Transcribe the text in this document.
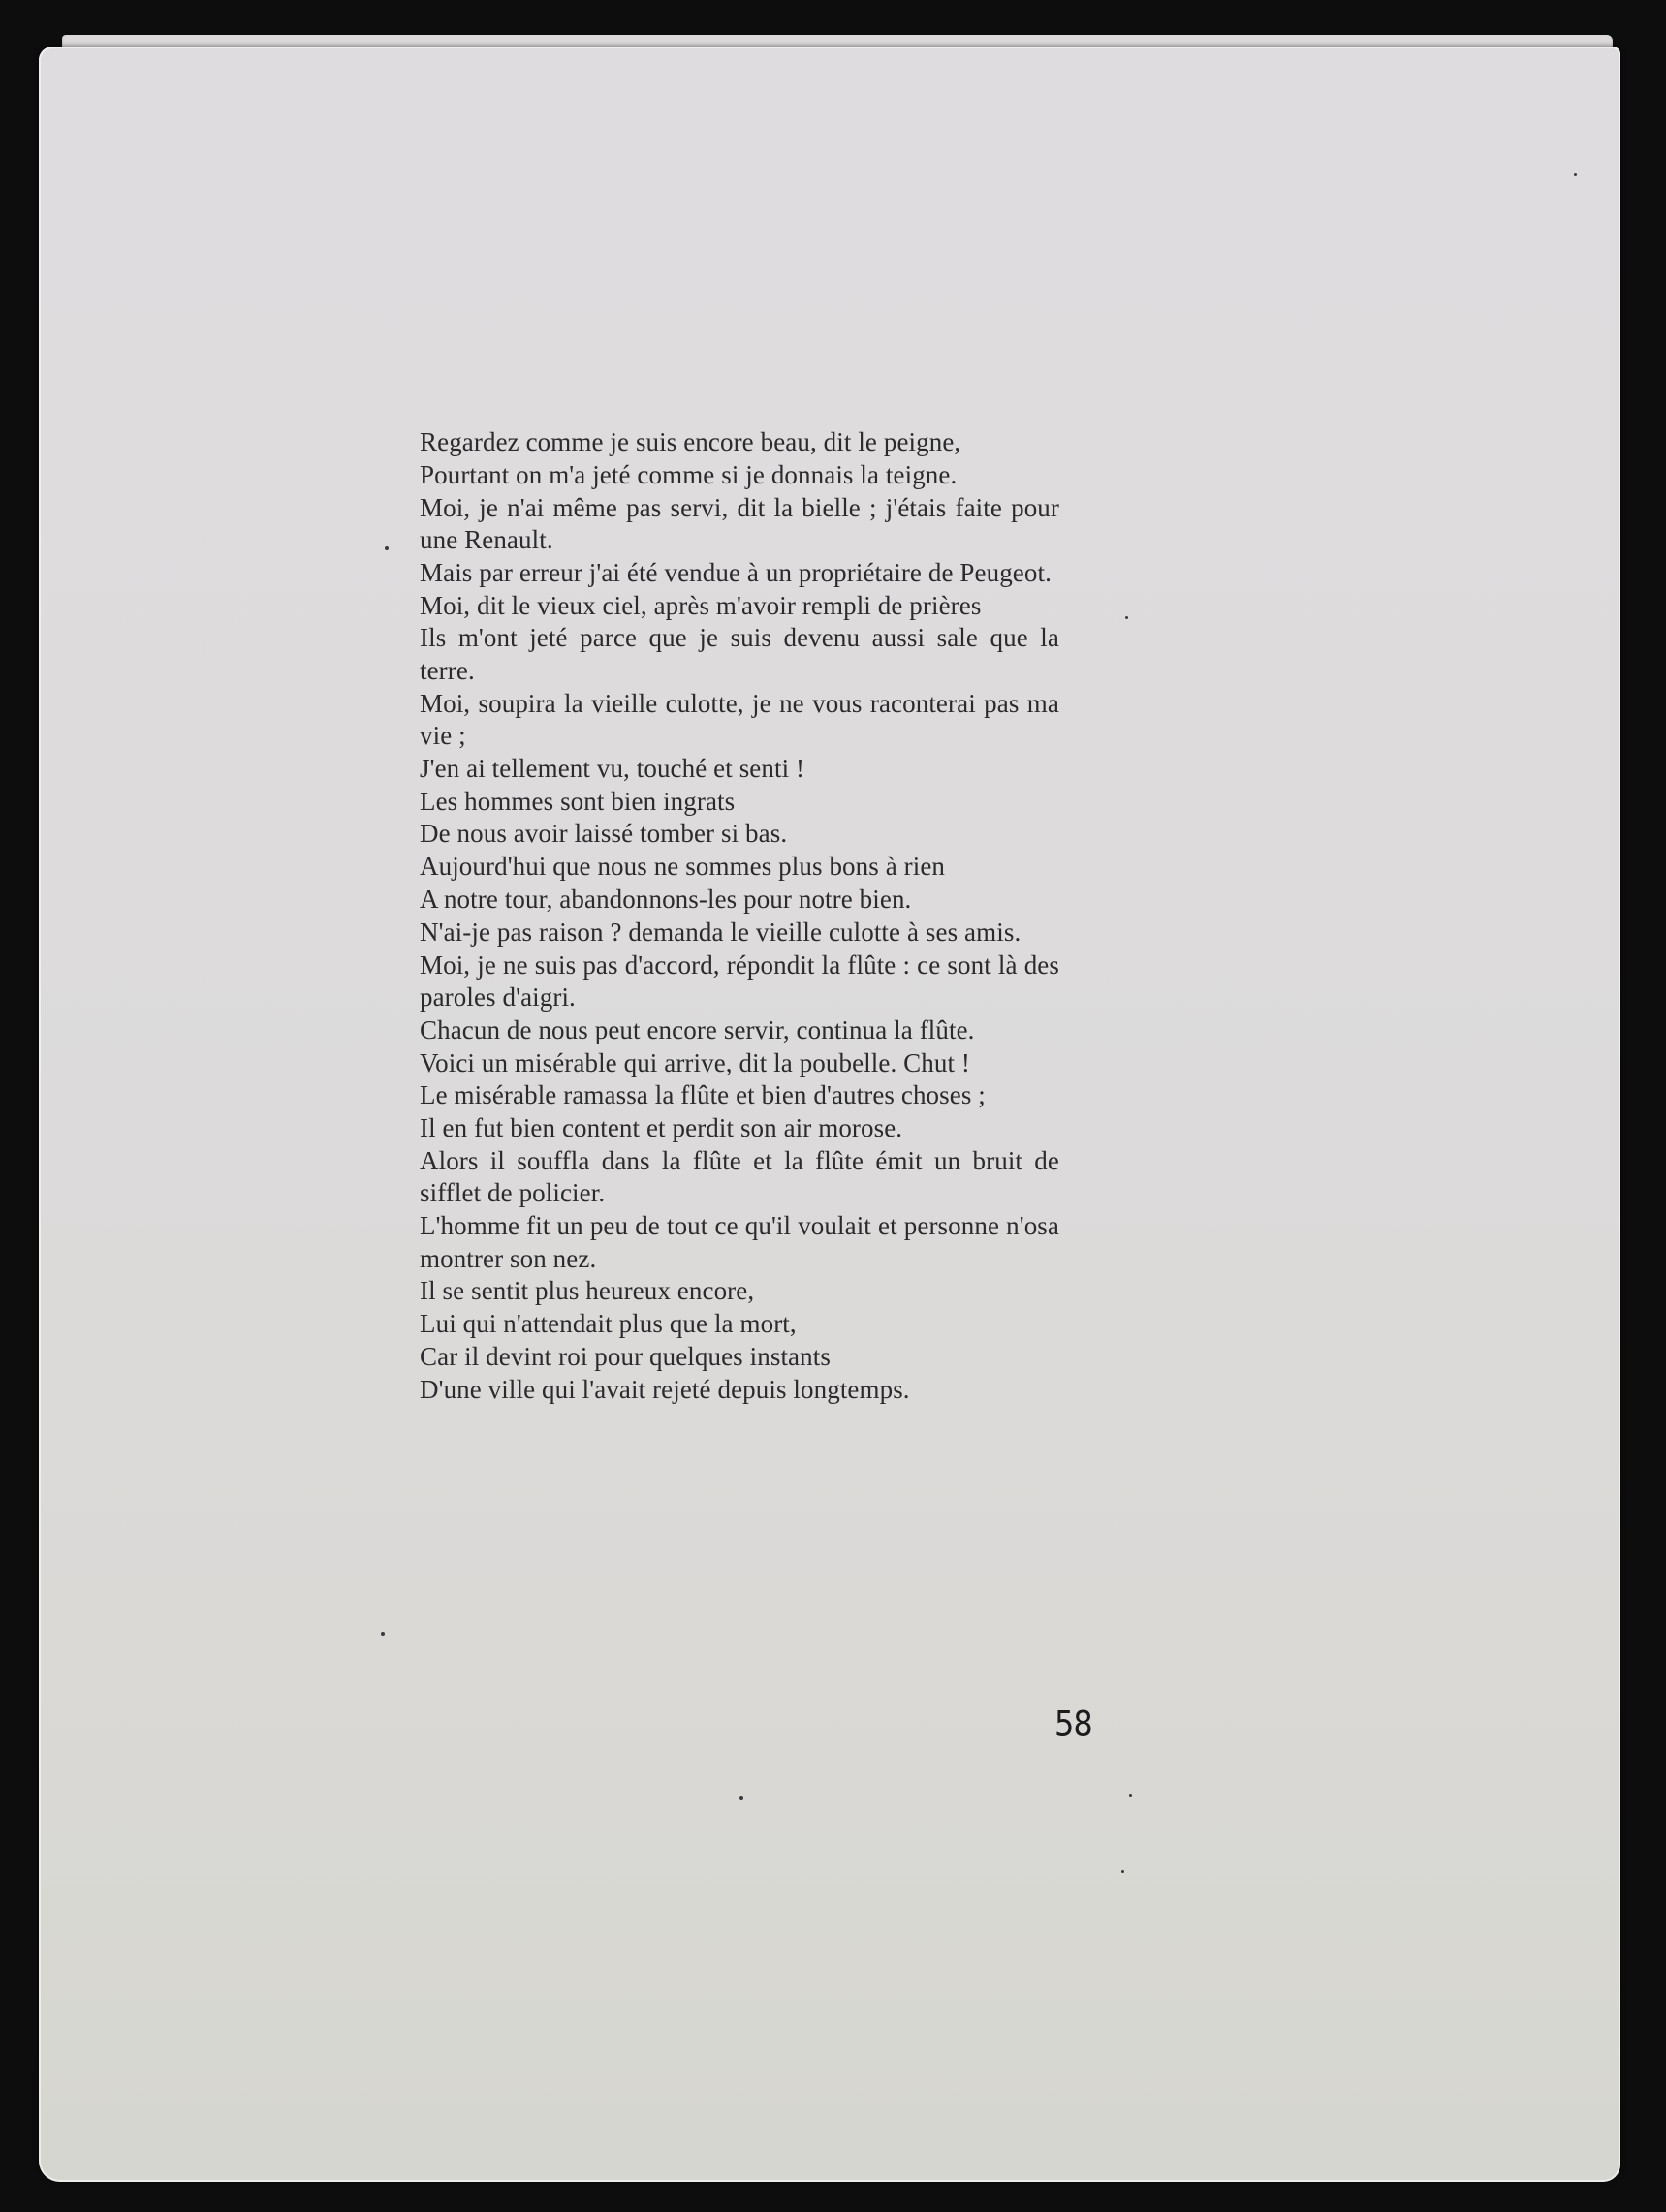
Regardez comme je suis encore beau, dit le peigne,
Pourtant on m'a jeté comme si je donnais la teigne.
Moi, je n'ai même pas servi, dit la bielle ; j'étais faite pour une Renault.
Mais par erreur j'ai été vendue à un propriétaire de Peugeot.
Moi, dit le vieux ciel, après m'avoir rempli de prières
Ils m'ont jeté parce que je suis devenu aussi sale que la terre.
Moi, soupira la vieille culotte, je ne vous raconterai pas ma vie ;
J'en ai tellement vu, touché et senti !
Les hommes sont bien ingrats
De nous avoir laissé tomber si bas.
Aujourd'hui que nous ne sommes plus bons à rien
A notre tour, abandonnons-les pour notre bien.
N'ai-je pas raison ? demanda le vieille culotte à ses amis.
Moi, je ne suis pas d'accord, répondit la flûte : ce sont là des paroles d'aigri.
Chacun de nous peut encore servir, continua la flûte.
Voici un misérable qui arrive, dit la poubelle. Chut !
Le misérable ramassa la flûte et bien d'autres choses ;
Il en fut bien content et perdit son air morose.
Alors il souffla dans la flûte et la flûte émit un bruit de sifflet de policier.
L'homme fit un peu de tout ce qu'il voulait et personne n'osa montrer son nez.
Il se sentit plus heureux encore,
Lui qui n'attendait plus que la mort,
Car il devint roi pour quelques instants
D'une ville qui l'avait rejeté depuis longtemps.
58
